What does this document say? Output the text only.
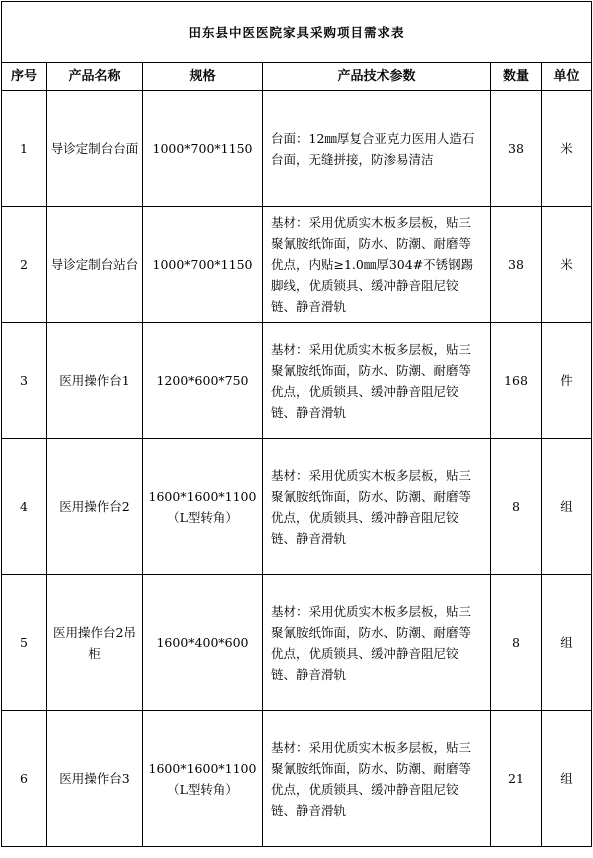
田东县中医医院家具采购项目需求表					
序号	产品名称	规格	产品技术参数	数量	单位
1	导诊定制台台面	1000*700*1150	台面：12㎜厚复合亚克力医用人造石台面，无缝拼接，防渗易清洁	38	米
2	导诊定制台站台	1000*700*1150	基材：采用优质实木板多层板，贴三聚氰胺纸饰面，防水、防潮、耐磨等优点，内贴≥1.0㎜厚304#不锈钢踢脚线，优质锁具、缓冲静音阻尼铰链、静音滑轨	38	米
3	医用操作台1	1200*600*750	基材：采用优质实木板多层板，贴三聚氰胺纸饰面，防水、防潮、耐磨等优点，优质锁具、缓冲静音阻尼铰链、静音滑轨	168	件
4	医用操作台2	1600*1600*1100（L型转角）	基材：采用优质实木板多层板，贴三聚氰胺纸饰面，防水、防潮、耐磨等优点，优质锁具、缓冲静音阻尼铰链、静音滑轨	8	组
5	医用操作台2吊柜	1600*400*600	基材：采用优质实木板多层板，贴三聚氰胺纸饰面，防水、防潮、耐磨等优点，优质锁具、缓冲静音阻尼铰链、静音滑轨	8	组
6	医用操作台3	1600*1600*1100（L型转角）	基材：采用优质实木板多层板，贴三聚氰胺纸饰面，防水、防潮、耐磨等优点，优质锁具、缓冲静音阻尼铰链、静音滑轨	21	组
